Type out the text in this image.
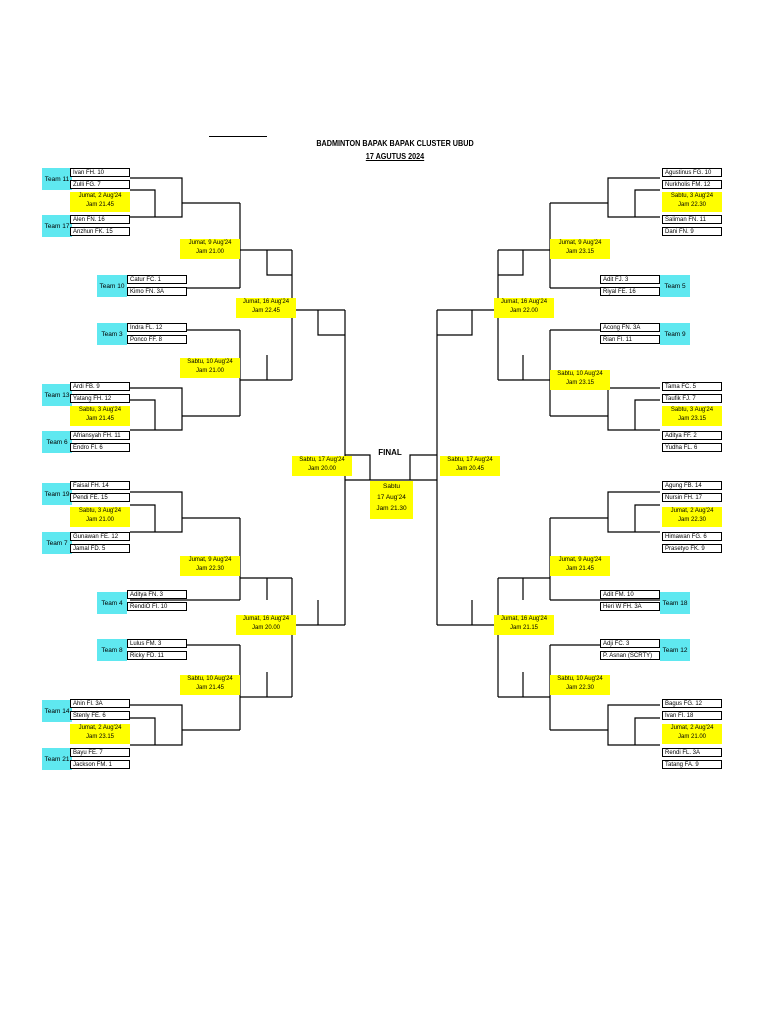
BADMINTON BAPAK BAPAK CLUSTER UBUD
17 AGUTUS 2024
Team 11
Team 17
Team 10
Team 3
Team 13
Team 6
Team 19
Team 7
Team 4
Team 8
Team 14
Team 21
Ivan FH. 10
Zulli FG. 7
Alen FN. 16
Anzhun FK. 15
Catur FC. 1
Kimo FN. 3A
Indra FL. 12
Ponco FF. 8
Ardi FB. 9
Yatang FH. 12
Afriansyah FH. 11
Endro FI. 6
Faisal FH. 14
Pendi FE. 15
Gunawan FE. 12
Jamal FD. 5
Aditya FN. 3
RendiO FI. 10
Lulus FM. 3
Ricky FD. 11
Ahin FI. 3A
Stenly FE. 6
Bayu FE. 7
Jackson FM. 1
Jumat, 2 Aug'24
Jam 21.45
Jumat, 9 Aug'24
Jam 21.00
Jumat, 16 Aug'24
Jam 22.45
Sabtu, 10 Aug'24
Jam 21.00
Sabtu, 3 Aug'24
Jam 21.45
Sabtu, 17 Aug'24
Jam 20.00
Sabtu, 3 Aug'24
Jam 21.00
Jumat, 9 Aug'24
Jam 22.30
Jumat, 16 Aug'24
Jam 20.00
Sabtu, 10 Aug'24
Jam 21.45
Jumat, 2 Aug'24
Jam 23.15
FINAL
Sabtu
17 Aug'24
Jam 21.30
Team 5
Team 9
Team 18
Team 12
Agustinus FG. 10
Nurkholis FM. 12
Saliman FN. 11
Dani FN. 9
Adit FJ. 3
Riyal FE. 16
Acong FN. 3A
Rian FI. 11
Tama FC. 5
Taufik FJ. 7
Aditya FF. 2
Yudha FL. 6
Agung FB. 14
Nursin FH. 17
Himawan FG. 6
Prasetyo FK. 9
Adit FM. 10
Heri W FH. 3A
Adji FC. 3
P. Asnan (SCRTY)
Bagus FG. 12
Ivan FI. 18
Rendi FL. 3A
Tatang FA. 9
Sabtu, 3 Aug'24
Jam 22.30
Jumat, 9 Aug'24
Jam 23.15
Jumat, 16 Aug'24
Jam 22.00
Sabtu, 10 Aug'24
Jam 23.15
Sabtu, 3 Aug'24
Jam 23.15
Sabtu, 17 Aug'24
Jam 20.45
Jumat, 2 Aug'24
Jam 22.30
Jumat, 9 Aug'24
Jam 21.45
Jumat, 16 Aug'24
Jam 21.15
Sabtu, 10 Aug'24
Jam 22.30
Jumat, 2 Aug'24
Jam 21.00
